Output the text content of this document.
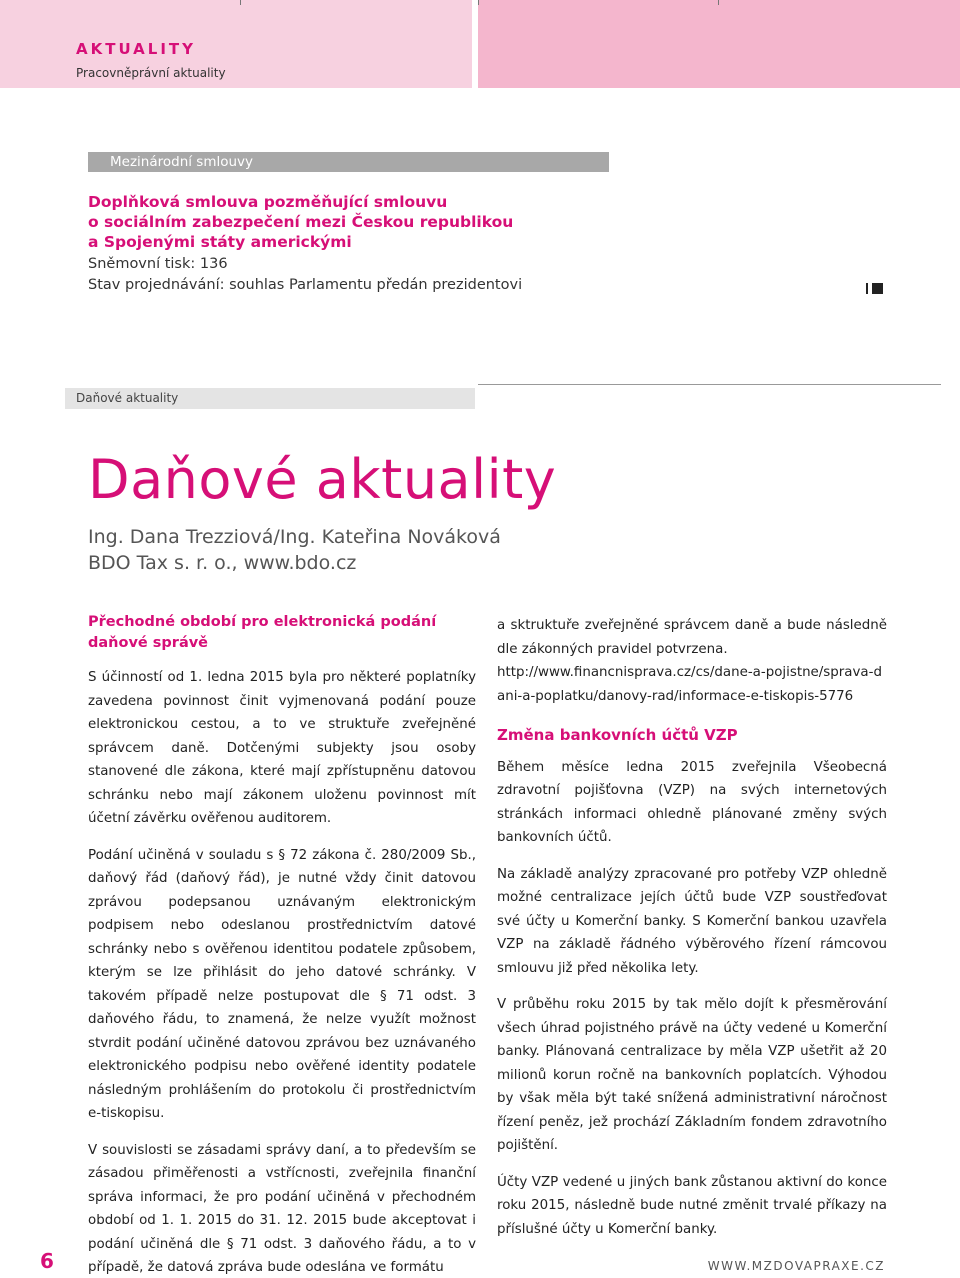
AKTUALITY
Pracovněprávní aktuality
Mezinárodní smlouvy
Doplňková smlouva pozměňující smlouvu
o sociálním zabezpečení mezi Českou republikou
a Spojenými státy americkými
Sněmovní tisk: 136
Stav projednávání: souhlas Parlamentu předán prezidentovi
Daňové aktuality
Daňové aktuality
Ing. Dana Trezziová/Ing. Kateřina Nováková
BDO Tax s. r. o., www.bdo.cz

Přechodné období pro elektronická podání daňové správě

S účinností od 1. ledna 2015 byla pro některé poplatníky zavedena povinnost činit vyjmenovaná podání pouze elektronickou cestou, a to ve struktuře zveřejněné správcem daně. Dotčenými subjekty jsou osoby stanovené dle zákona, které mají zpřístupněnu datovou schránku nebo mají zákonem uloženu povinnost mít účetní závěrku ověřenou auditorem.

Podání učiněná v souladu s § 72 zákona č. 280/2009 Sb., daňový řád (daňový řád), je nutné vždy činit datovou zprávou podepsanou uznávaným elektronickým podpisem nebo odeslanou prostřednictvím datové schránky nebo s ověřenou identitou podatele způsobem, kterým se lze přihlásit do jeho datové schránky. V takovém případě nelze postupovat dle § 71 odst. 3 daňového řádu, to znamená, že nelze využít možnost stvrdit podání učiněné datovou zprávou bez uznávaného elektronického podpisu nebo ověřené identity podatele následným prohlášením do protokolu či prostřednictvím e-tiskopisu.

V souvislosti se zásadami správy daní, a to především se zásadou přiměřenosti a vstřícnosti, zveřejnila finanční správa informaci, že pro podání učiněná v přechodném období od 1. 1. 2015 do 31. 12. 2015 bude akceptovat i podání učiněná dle § 71 odst. 3 daňového řádu, a to v případě, že datová zpráva bude odeslána ve formátu

a sktruktuře zveřejněné správcem daně a bude následně dle zákonných pravidel potvrzena.

http://www.financnisprava.cz/cs/dane-a-pojistne/sprava-dani-a-poplatku/danovy-rad/informace-e-tiskopis-5776

Změna bankovních účtů VZP

Během měsíce ledna 2015 zveřejnila Všeobecná zdravotní pojišťovna (VZP) na svých internetových stránkách informaci ohledně plánované změny svých bankovních účtů.

Na základě analýzy zpracované pro potřeby VZP ohledně možné centralizace jejích účtů bude VZP soustřeďovat své účty u Komerční banky. S Komerční bankou uzavřela VZP na základě řádného výběrového řízení rámcovou smlouvu již před několika lety.

V průběhu roku 2015 by tak mělo dojít k přesměrování všech úhrad pojistného právě na účty vedené u Komerční banky. Plánovaná centralizace by měla VZP ušetřit až 20 milionů korun ročně na bankovních poplatcích. Výhodou by však měla být také snížená administrativní náročnost řízení peněz, jež prochází Základním fondem zdravotního pojištění.

Účty VZP vedené u jiných bank zůstanou aktivní do konce roku 2015, následně bude nutné změnit trvalé příkazy na příslušné účty u Komerční banky.

6	WWW.MZDOVAPRAXE.CZ
